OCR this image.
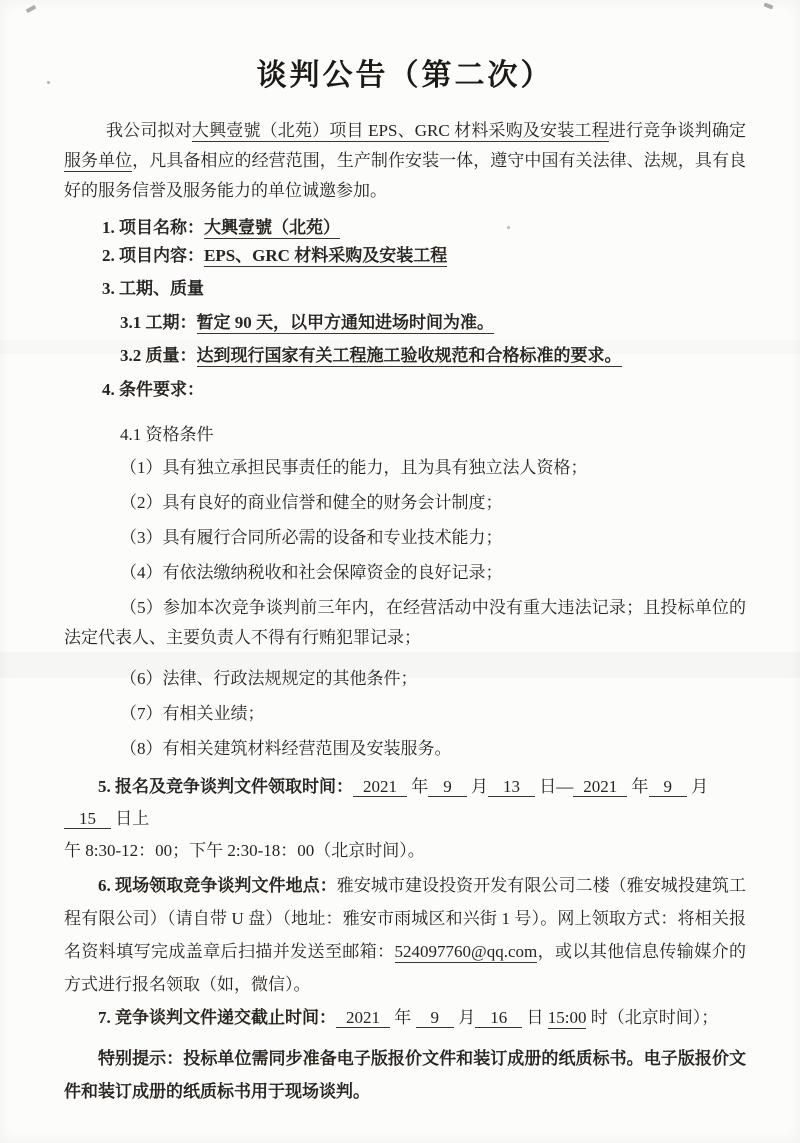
谈判公告（第二次）

我公司拟对大興壹號（北苑）项目 EPS、GRC 材料采购及安装工程进行竞争谈判确定服务单位，凡具备相应的经营范围，生产制作安装一体，遵守中国有关法律、法规，具有良好的服务信誉及服务能力的单位诚邀参加。

1. 项目名称：大興壹號（北苑）

2. 项目内容：EPS、GRC 材料采购及安装工程

3. 工期、质量

3.1 工期：暂定 90 天，以甲方通知进场时间为准。

3.2 质量：达到现行国家有关工程施工验收规范和合格标准的要求。

4. 条件要求：

4.1 资格条件

（1）具有独立承担民事责任的能力，且为具有独立法人资格；

（2）具有良好的商业信誉和健全的财务会计制度；

（3）具有履行合同所必需的设备和专业技术能力；

（4）有依法缴纳税收和社会保障资金的良好记录；

（5）参加本次竞争谈判前三年内，在经营活动中没有重大违法记录；且投标单位的法定代表人、主要负责人不得有行贿犯罪记录；

（6）法律、行政法规规定的其他条件；

（7）有相关业绩；

（8）有相关建筑材料经营范围及安装服务。

5. 报名及竞争谈判文件领取时间： 2021 年 9 月 13 日— 2021 年 9 月15 日上
午 8:30-12：00；下午 2:30-18：00（北京时间）。

6. 现场领取竞争谈判文件地点：雅安城市建设投资开发有限公司二楼（雅安城投建筑工程有限公司）（请自带 U 盘）（地址：雅安市雨城区和兴街 1 号）。网上领取方式：将相关报名资料填写完成盖章后扫描并发送至邮箱：524097760@qq.com，或以其他信息传输媒介的方式进行报名领取（如，微信）。

7. 竞争谈判文件递交截止时间： 2021 年 9 月 16 日 15:00 时（北京时间）；

特别提示：投标单位需同步准备电子版报价文件和装订成册的纸质标书。电子版报价文件和装订成册的纸质标书用于现场谈判。
